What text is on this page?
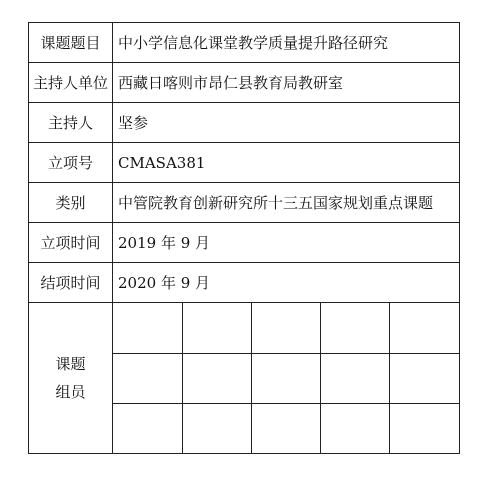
课题题目	中小学信息化课堂教学质量提升路径研究
主持人单位	西藏日喀则市昂仁县教育局教研室
主持人	坚参
立项号	CMASA381
类别	中管院教育创新研究所十三五国家规划重点课题
立项时间	2019 年 9 月
结项时间	2020 年 9 月

课题
组员
